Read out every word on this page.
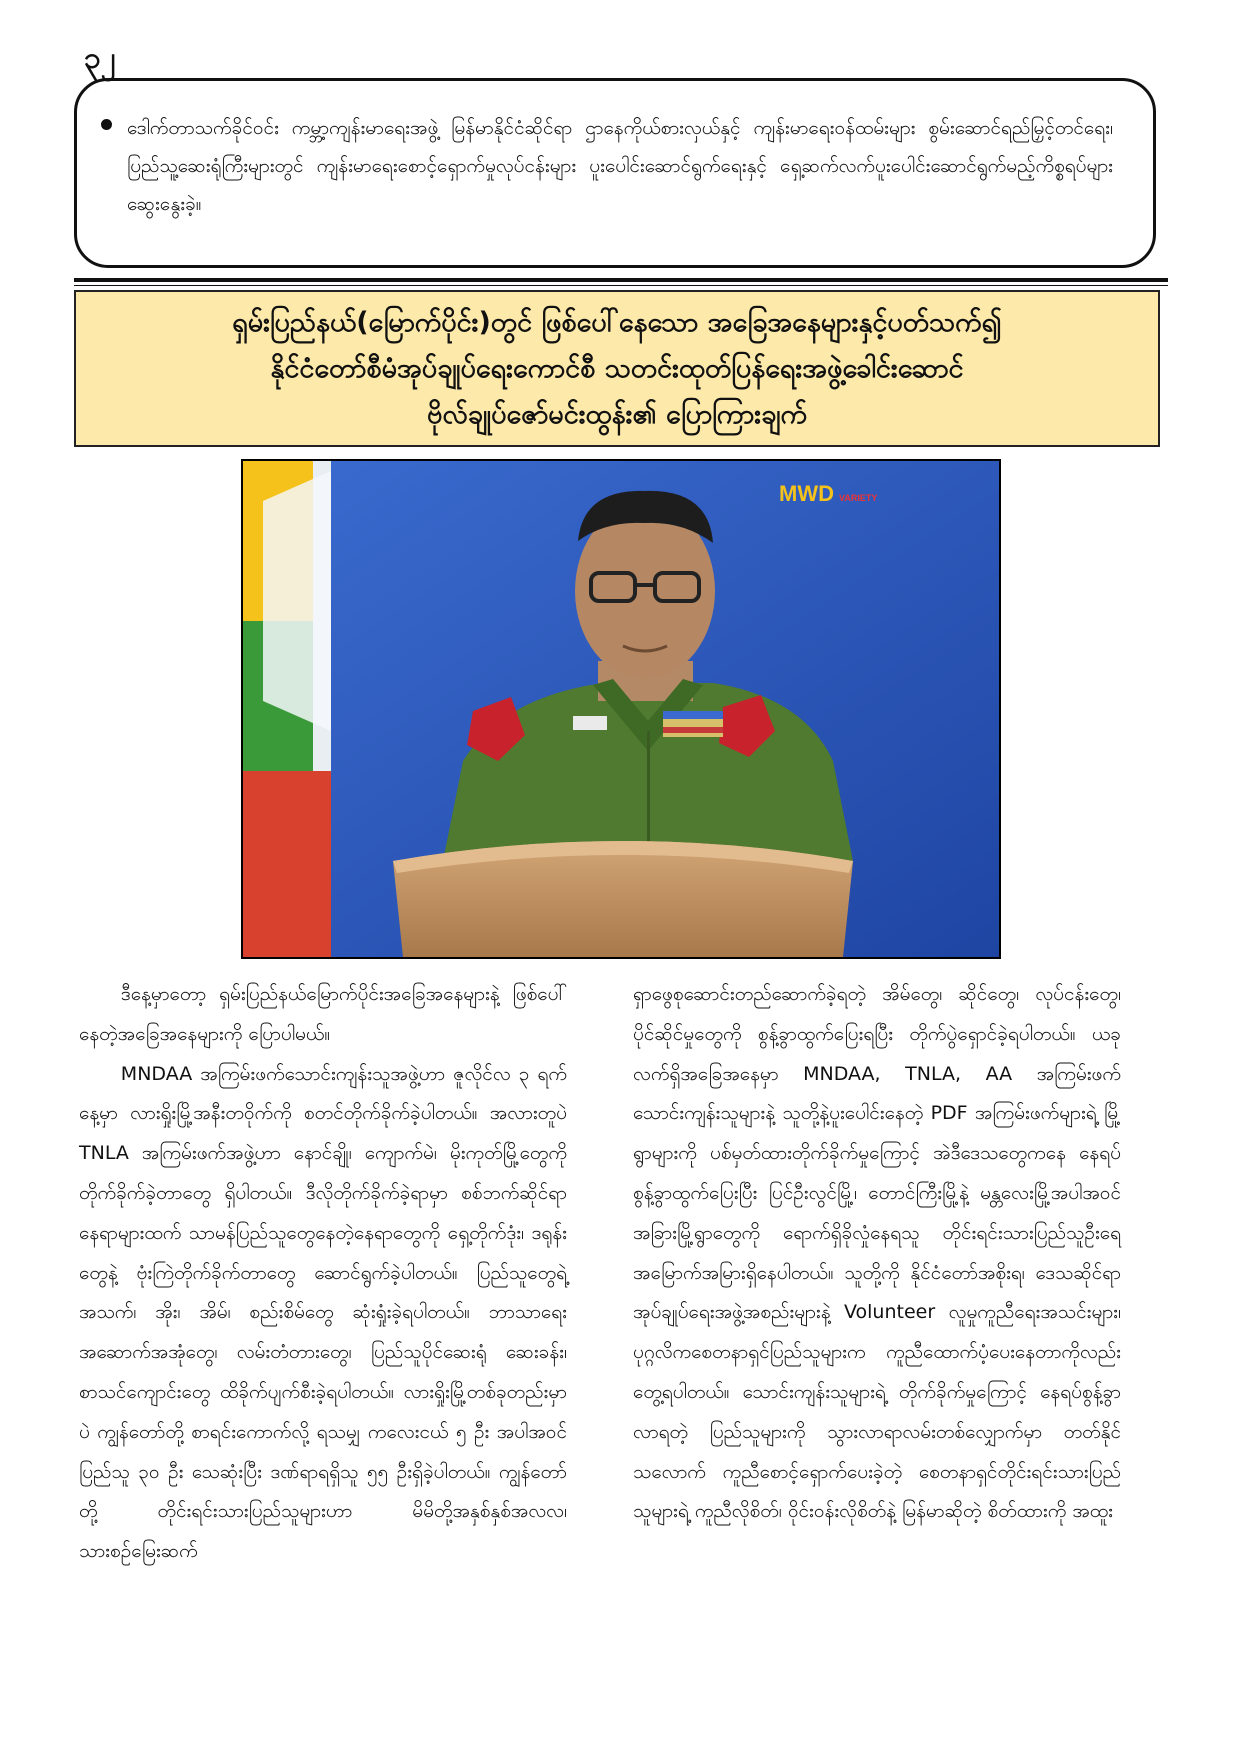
၃၂
ဒေါက်တာသက်ခိုင်ဝင်း ကမ္ဘာ့ကျန်းမာရေးအဖွဲ့ မြန်မာနိုင်ငံဆိုင်ရာ ဌာနေကိုယ်စားလှယ်နှင့် ကျန်းမာရေးဝန်ထမ်းများ စွမ်းဆောင်ရည်မြှင့်တင်ရေး၊ ပြည်သူ့ဆေးရုံကြီးများတွင် ကျန်းမာရေးစောင့်ရှောက်မှုလုပ်ငန်းများ ပူးပေါင်းဆောင်ရွက်ရေးနှင့် ရှေ့ဆက်လက်ပူးပေါင်းဆောင်ရွက်မည့်ကိစ္စရပ်များ ဆွေးနွေးခဲ့။
ရှမ်းပြည်နယ်(မြောက်ပိုင်း)တွင် ဖြစ်ပေါ်နေသော အခြေအနေများနှင့်ပတ်သက်၍
နိုင်ငံတော်စီမံအုပ်ချုပ်ရေးကောင်စီ သတင်းထုတ်ပြန်ရေးအဖွဲ့ခေါင်းဆောင်
ဗိုလ်ချုပ်ဇော်မင်းထွန်း၏ ပြောကြားချက်
MWD VARIETY

ဒီနေ့မှာတော့ ရှမ်းပြည်နယ်မြောက်ပိုင်းအခြေအနေများနဲ့ ဖြစ်ပေါ်နေတဲ့အခြေအနေများကို ပြောပါမယ်။

MNDAA အကြမ်းဖက်သောင်းကျန်းသူအဖွဲ့ဟာ ဇူလိုင်လ ၃ ရက်နေ့မှာ လားရှိုးမြို့အနီးတဝိုက်ကို စတင်တိုက်ခိုက်ခဲ့ပါတယ်။ အလားတူပဲ TNLA အကြမ်းဖက်အဖွဲ့ဟာ နောင်ချို၊ ကျောက်မဲ၊ မိုးကုတ်မြို့တွေကို တိုက်ခိုက်ခဲ့တာတွေ ရှိပါတယ်။ ဒီလိုတိုက်ခိုက်ခဲ့ရာမှာ စစ်ဘက်ဆိုင်ရာနေရာများထက် သာမန်ပြည်သူတွေနေတဲ့နေရာတွေကို ရှေ့တိုက်ဒုံး၊ ဒရုန်းတွေနဲ့ ဗုံးကြဲတိုက်ခိုက်တာတွေ ဆောင်ရွက်ခဲ့ပါတယ်။ ပြည်သူတွေရဲ့ အသက်၊ အိုး၊ အိမ်၊ စည်းစိမ်တွေ ဆုံးရှုံးခဲ့ရပါတယ်။ ဘာသာရေးအဆောက်အအုံတွေ၊ လမ်းတံတားတွေ၊ ပြည်သူပိုင်ဆေးရုံ ဆေးခန်း၊ စာသင်ကျောင်းတွေ ထိခိုက်ပျက်စီးခဲ့ရပါတယ်။ လားရှိုးမြို့တစ်ခုတည်းမှာပဲ ကျွန်တော်တို့ စာရင်းကောက်လို့ ရသမျှ ကလေးငယ် ၅ ဦး အပါအဝင် ပြည်သူ ၃၀ ဦး သေဆုံးပြီး ဒဏ်ရာရရှိသူ ၅၅ ဦးရှိခဲ့ပါတယ်။ ကျွန်တော်တို့ တိုင်းရင်းသားပြည်သူများဟာ မိမိတို့အနှစ်နှစ်အလလ၊ သားစဉ်မြေးဆက်

ရှာဖွေစုဆောင်းတည်ဆောက်ခဲ့ရတဲ့ အိမ်တွေ၊ ဆိုင်တွေ၊ လုပ်ငန်းတွေ၊ ပိုင်ဆိုင်မှုတွေကို စွန့်ခွာထွက်ပြေးရပြီး တိုက်ပွဲရှောင်ခဲ့ရပါတယ်။ ယခု လက်ရှိအခြေအနေမှာ MNDAA, TNLA, AA အကြမ်းဖက်သောင်းကျန်းသူများနဲ့ သူတို့နဲ့ပူးပေါင်းနေတဲ့ PDF အကြမ်းဖက်များရဲ့ မြို့ရွာများကို ပစ်မှတ်ထားတိုက်ခိုက်မှုကြောင့် အဲဒီဒေသတွေကနေ နေရပ်စွန့်ခွာထွက်ပြေးပြီး ပြင်ဦးလွင်မြို့၊ တောင်ကြီးမြို့နဲ့ မန္တလေးမြို့အပါအဝင် အခြားမြို့ရွာတွေကို ရောက်ရှိခိုလှုံနေရသူ တိုင်းရင်းသားပြည်သူဦးရေ အမြောက်အမြားရှိနေပါတယ်။ သူတို့ကို နိုင်ငံတော်အစိုးရ၊ ဒေသဆိုင်ရာ အုပ်ချုပ်ရေးအဖွဲ့အစည်းများနဲ့ Volunteer လူမှုကူညီရေးအသင်းများ၊ ပုဂ္ဂလိကစေတနာရှင်ပြည်သူများက ကူညီထောက်ပံ့ပေးနေတာကိုလည်း တွေ့ရပါတယ်။ သောင်းကျန်းသူများရဲ့ တိုက်ခိုက်မှုကြောင့် နေရပ်စွန့်ခွာလာရတဲ့ ပြည်သူများကို သွားလာရာလမ်းတစ်လျှောက်မှာ တတ်နိုင်သလောက် ကူညီစောင့်ရှောက်ပေးခဲ့တဲ့ စေတနာရှင်တိုင်းရင်းသားပြည်သူများရဲ့ ကူညီလိုစိတ်၊ ဝိုင်းဝန်းလိုစိတ်နဲ့ မြန်မာဆိုတဲ့ စိတ်ထားကို အထူး
